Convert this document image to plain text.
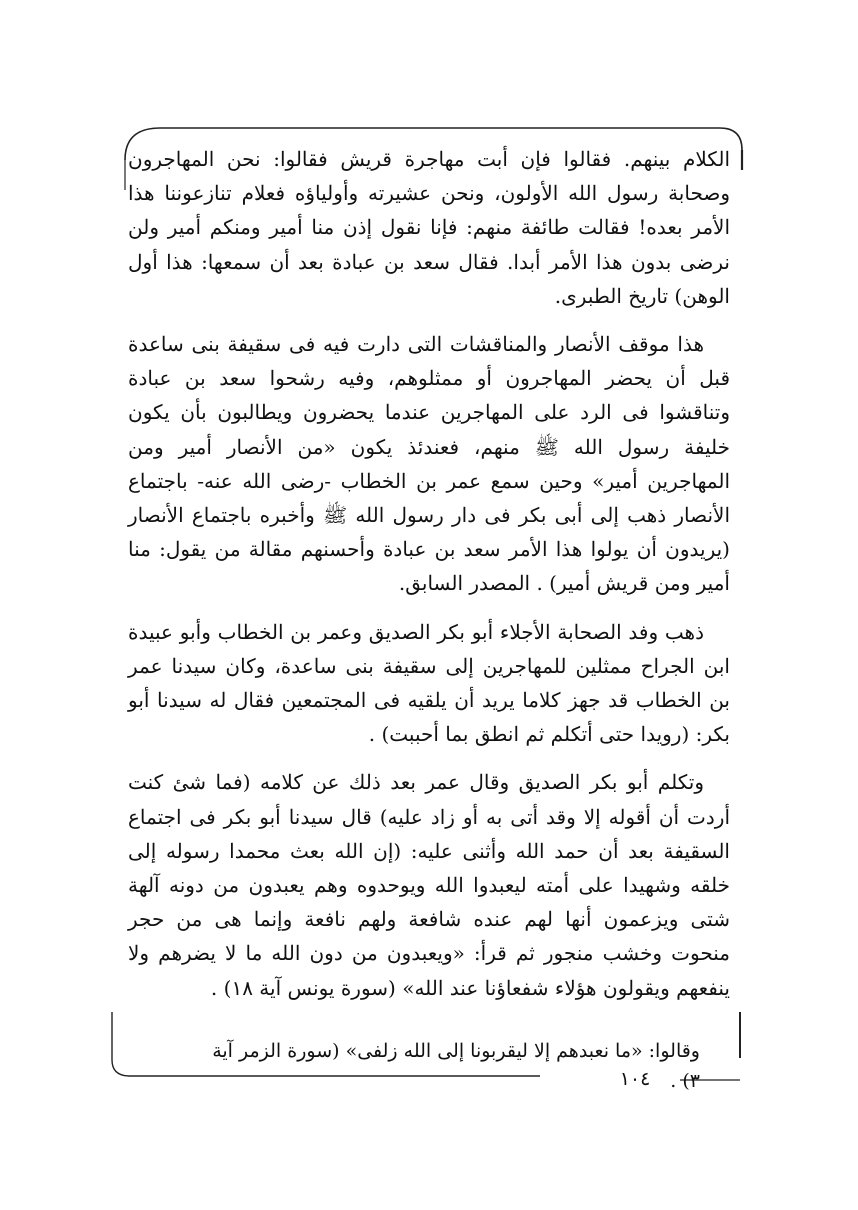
الكلام بينهم. فقالوا فإن أبت مهاجرة قريش فقالوا: نحن المهاجرون وصحابة رسول الله الأولون، ونحن عشيرته وأولياؤه فعلام تنازعوننا هذا الأمر بعده! فقالت طائفة منهم: فإنا نقول إذن منا أمير ومنكم أمير ولن نرضى بدون هذا الأمر أبدا. فقال سعد بن عبادة بعد أن سمعها: هذا أول الوهن) تاريخ الطبرى.

هذا موقف الأنصار والمناقشات التى دارت فيه فى سقيفة بنى ساعدة قبل أن يحضر المهاجرون أو ممثلوهم، وفيه رشحوا سعد بن عبادة وتناقشوا فى الرد على المهاجرين عندما يحضرون ويطالبون بأن يكون خليفة رسول الله ﷺ منهم، فعندئذ يكون «من الأنصار أمير ومن المهاجرين أمير» وحين سمع عمر بن الخطاب -رضى الله عنه- باجتماع الأنصار ذهب إلى أبى بكر فى دار رسول الله ﷺ وأخبره باجتماع الأنصار (يريدون أن يولوا هذا الأمر سعد بن عبادة وأحسنهم مقالة من يقول: منا أمير ومن قريش أمير) . المصدر السابق.

ذهب وفد الصحابة الأجلاء أبو بكر الصديق وعمر بن الخطاب وأبو عبيدة ابن الجراح ممثلين للمهاجرين إلى سقيفة بنى ساعدة، وكان سيدنا عمر بن الخطاب قد جهز كلاما يريد أن يلقيه فى المجتمعين فقال له سيدنا أبو بكر: (رويدا حتى أتكلم ثم انطق بما أحببت) .

وتكلم أبو بكر الصديق وقال عمر بعد ذلك عن كلامه (فما شئ كنت أردت أن أقوله إلا وقد أتى به أو زاد عليه) قال سيدنا أبو بكر فى اجتماع السقيفة بعد أن حمد الله وأثنى عليه: (إن الله بعث محمدا رسوله إلى خلقه وشهيدا على أمته ليعبدوا الله ويوحدوه وهم يعبدون من دونه آلهة شتى ويزعمون أنها لهم عنده شافعة ولهم نافعة وإنما هى من حجر منحوت وخشب منجور ثم قرأ: «ويعبدون من دون الله ما لا يضرهم ولا ينفعهم ويقولون هؤلاء شفعاؤنا عند الله» (سورة يونس آية ١٨) .

وقالوا: «ما نعبدهم إلا ليقربونا إلى الله زلفى» (سورة الزمر آية ٣) .
١٠٤
